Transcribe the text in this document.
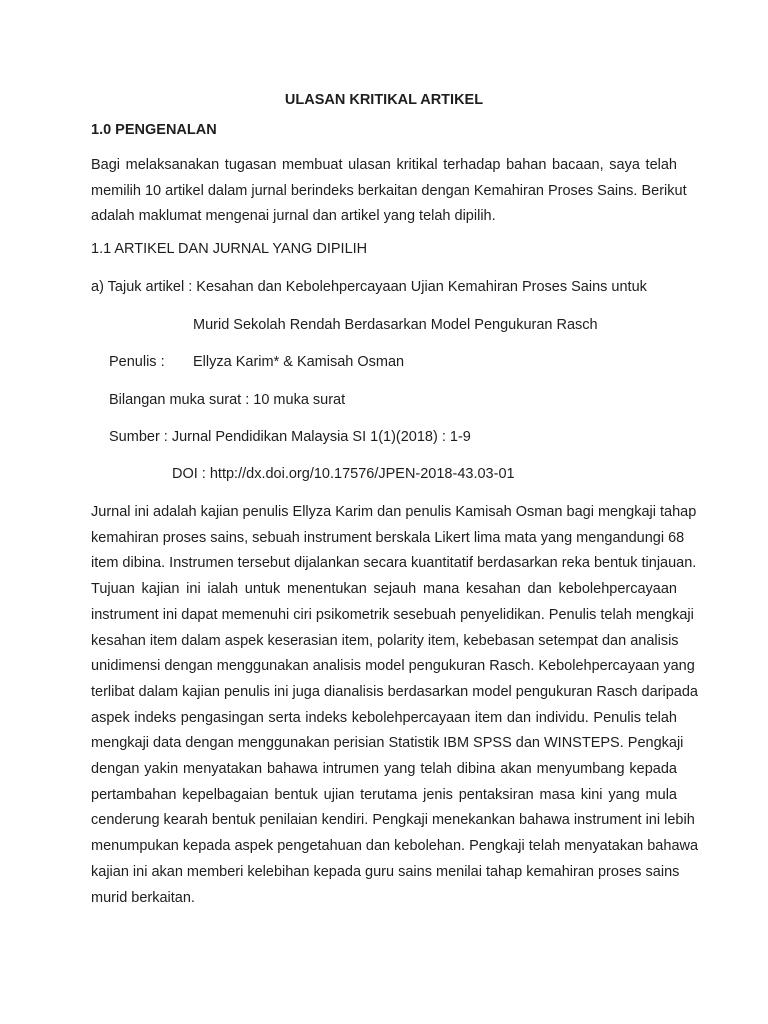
ULASAN KRITIKAL ARTIKEL
1.0 PENGENALAN
Bagi melaksanakan tugasan membuat ulasan kritikal terhadap bahan bacaan, saya telah
memilih 10 artikel dalam jurnal berindeks berkaitan dengan Kemahiran Proses Sains. Berikut
adalah maklumat mengenai jurnal dan artikel yang telah dipilih.
1.1 ARTIKEL DAN JURNAL YANG DIPILIH
a) Tajuk artikel : Kesahan dan Kebolehpercayaan Ujian Kemahiran Proses Sains untuk
Murid Sekolah Rendah Berdasarkan Model Pengukuran Rasch
Penulis : Ellyza Karim* & Kamisah Osman
Bilangan muka surat : 10 muka surat
Sumber : Jurnal Pendidikan Malaysia SI 1(1)(2018) : 1-9
DOI : http://dx.doi.org/10.17576/JPEN-2018-43.03-01
Jurnal ini adalah kajian penulis Ellyza Karim dan penulis Kamisah Osman bagi mengkaji tahap
kemahiran proses sains, sebuah instrument berskala Likert lima mata yang mengandungi 68
item dibina. Instrumen tersebut dijalankan secara kuantitatif berdasarkan reka bentuk tinjauan.
Tujuan kajian ini ialah untuk menentukan sejauh mana kesahan dan kebolehpercayaan
instrument ini dapat memenuhi ciri psikometrik sesebuah penyelidikan. Penulis telah mengkaji
kesahan item dalam aspek keserasian item, polarity item, kebebasan setempat dan analisis
unidimensi dengan menggunakan analisis model pengukuran Rasch. Kebolehpercayaan yang
terlibat dalam kajian penulis ini juga dianalisis berdasarkan model pengukuran Rasch daripada
aspek indeks pengasingan serta indeks kebolehpercayaan item dan individu. Penulis telah
mengkaji data dengan menggunakan perisian Statistik IBM SPSS dan WINSTEPS. Pengkaji
dengan yakin menyatakan bahawa intrumen yang telah dibina akan menyumbang kepada
pertambahan kepelbagaian bentuk ujian terutama jenis pentaksiran masa kini yang mula
cenderung kearah bentuk penilaian kendiri. Pengkaji menekankan bahawa instrument ini lebih
menumpukan kepada aspek pengetahuan dan kebolehan. Pengkaji telah menyatakan bahawa
kajian ini akan memberi kelebihan kepada guru sains menilai tahap kemahiran proses sains
murid berkaitan.
